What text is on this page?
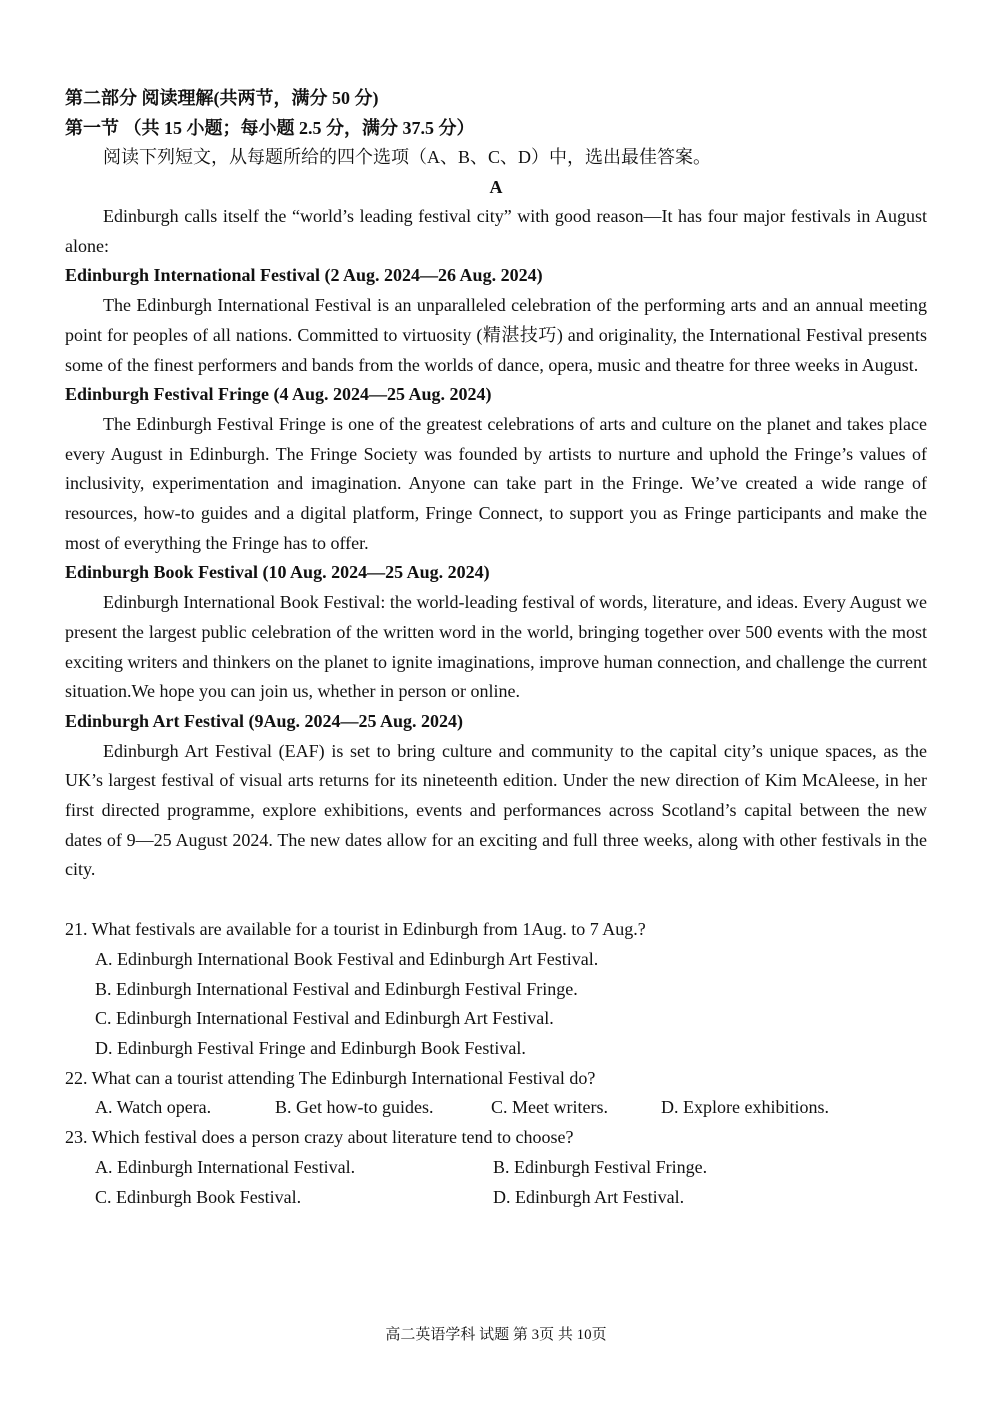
第二部分 阅读理解(共两节，满分 50 分)
第一节 （共 15 小题；每小题 2.5 分，满分 37.5 分）
阅读下列短文，从每题所给的四个选项（A、B、C、D）中，选出最佳答案。
A

Edinburgh calls itself the “world’s leading festival city” with good reason—It has four major festivals in August alone:

Edinburgh International Festival (2 Aug. 2024—26 Aug. 2024)

The Edinburgh International Festival is an unparalleled celebration of the performing arts and an annual meeting point for peoples of all nations. Committed to virtuosity (精湛技巧) and originality, the International Festival presents some of the finest performers and bands from the worlds of dance, opera, music and theatre for three weeks in August.

Edinburgh Festival Fringe (4 Aug. 2024—25 Aug. 2024)

The Edinburgh Festival Fringe is one of the greatest celebrations of arts and culture on the planet and takes place every August in Edinburgh. The Fringe Society was founded by artists to nurture and uphold the Fringe’s values of inclusivity, experimentation and imagination. Anyone can take part in the Fringe. We’ve created a wide range of resources, how-to guides and a digital platform, Fringe Connect, to support you as Fringe participants and make the most of everything the Fringe has to offer.

Edinburgh Book Festival (10 Aug. 2024—25 Aug. 2024)

Edinburgh International Book Festival: the world-leading festival of words, literature, and ideas. Every August we present the largest public celebration of the written word in the world, bringing together over 500 events with the most exciting writers and thinkers on the planet to ignite imaginations, improve human connection, and challenge the current situation.We hope you can join us, whether in person or online.

Edinburgh Art Festival (9Aug. 2024—25 Aug. 2024)

Edinburgh Art Festival (EAF) is set to bring culture and community to the capital city’s unique spaces, as the UK’s largest festival of visual arts returns for its nineteenth edition. Under the new direction of Kim McAleese, in her first directed programme, explore exhibitions, events and performances across Scotland’s capital between the new dates of 9—25 August 2024. The new dates allow for an exciting and full three weeks, along with other festivals in the city.

21. What festivals are available for a tourist in Edinburgh from 1Aug. to 7 Aug.?

A. Edinburgh International Book Festival and Edinburgh Art Festival.

B. Edinburgh International Festival and Edinburgh Festival Fringe.

C. Edinburgh International Festival and Edinburgh Art Festival.

D. Edinburgh Festival Fringe and Edinburgh Book Festival.

22. What can a tourist attending The Edinburgh International Festival do?

A. Watch opera.	B. Get how-to guides.	C. Meet writers.	D. Explore exhibitions.

23. Which festival does a person crazy about literature tend to choose?

A. Edinburgh International Festival.	B. Edinburgh Festival Fringe.
C. Edinburgh Book Festival.	D. Edinburgh Art Festival.
高二英语学科 试题 第 3页 共 10页
